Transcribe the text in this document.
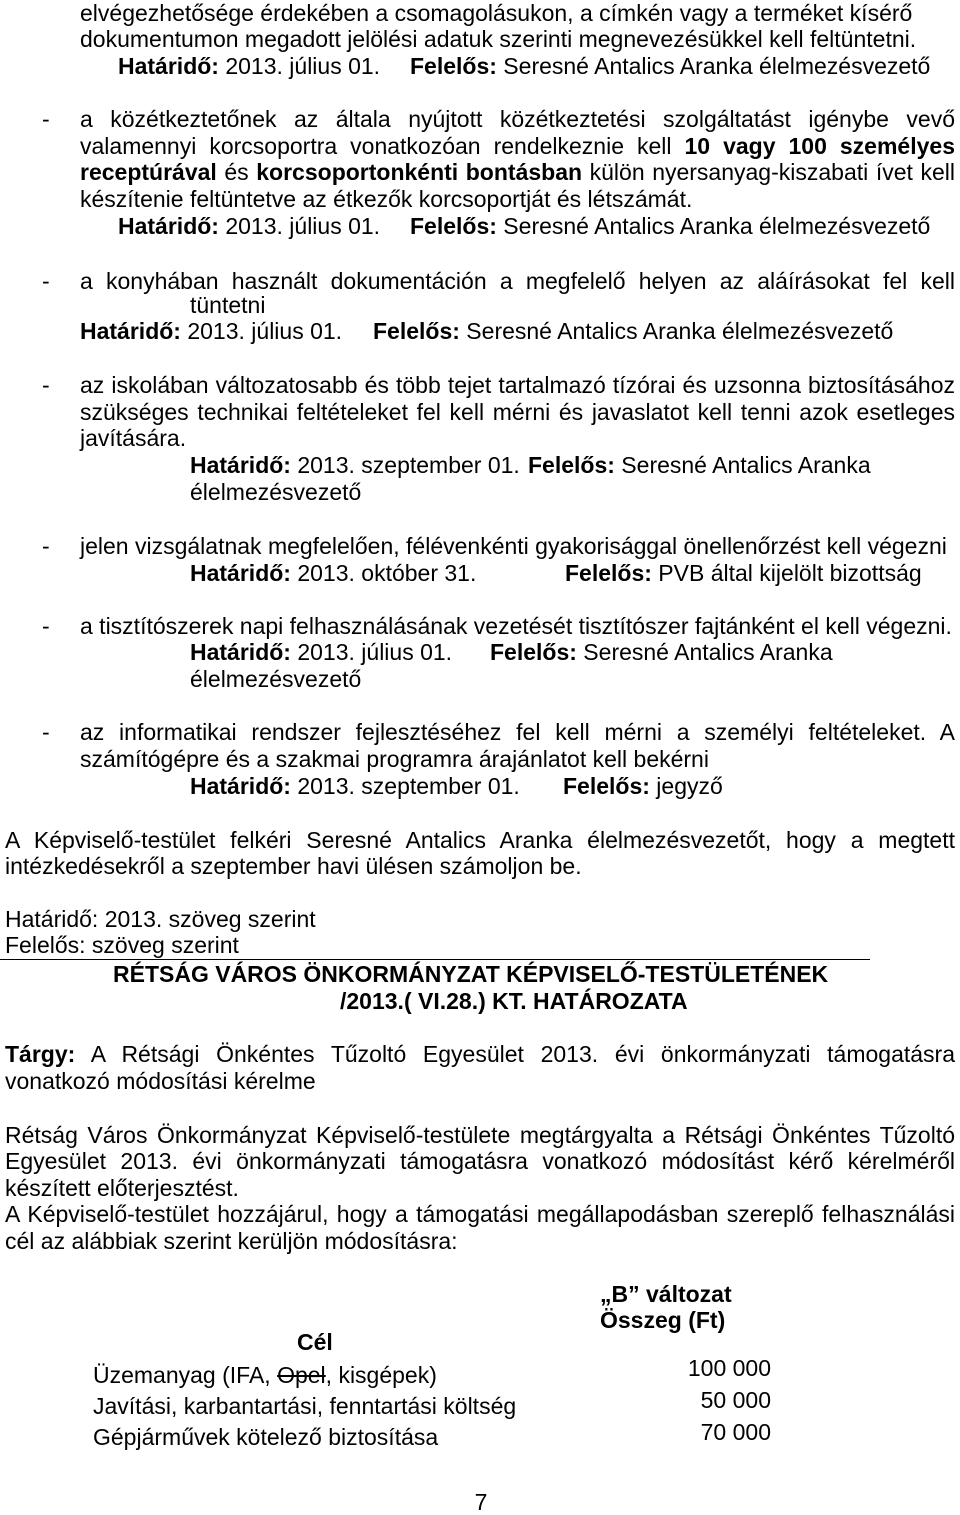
elvégezhetősége érdekében a csomagolásukon, a címkén vagy a terméket kísérő
dokumentumon megadott jelölési adatuk szerinti megnevezésükkel kell feltüntetni.
Határidő: 2013. július 01. Felelős: Seresné Antalics Aranka élelmezésvezető
- a közétkeztetőnek az általa nyújtott közétkeztetési szolgáltatást igénybe vevő
valamennyi korcsoportra vonatkozóan rendelkeznie kell 10 vagy 100 személyes
receptúrával és korcsoportonkénti bontásban külön nyersanyag-kiszabati ívet kell
készítenie feltüntetve az étkezők korcsoportját és létszámát.
Határidő: 2013. július 01. Felelős: Seresné Antalics Aranka élelmezésvezető
- a konyhában használt dokumentáción a megfelelő helyen az aláírásokat fel kell
tüntetni
Határidő: 2013. július 01. Felelős: Seresné Antalics Aranka élelmezésvezető
- az iskolában változatosabb és több tejet tartalmazó tízórai és uzsonna biztosításához
szükséges technikai feltételeket fel kell mérni és javaslatot kell tenni azok esetleges
javítására.
Határidő: 2013. szeptember 01. Felelős: Seresné Antalics Aranka
élelmezésvezető
- jelen vizsgálatnak megfelelően, félévenkénti gyakorisággal önellenőrzést kell végezni
Határidő: 2013. október 31.	Felelős: PVB által kijelölt bizottság
- a tisztítószerek napi felhasználásának vezetését tisztítószer fajtánként el kell végezni.
Határidő: 2013. július 01. Felelős: Seresné Antalics Aranka
élelmezésvezető
- az informatikai rendszer fejlesztéséhez fel kell mérni a személyi feltételeket. A
számítógépre és a szakmai programra árajánlatot kell bekérni
Határidő: 2013. szeptember 01. Felelős: jegyző
A Képviselő-testület felkéri Seresné Antalics Aranka élelmezésvezetőt, hogy a megtett
intézkedésekről a szeptember havi ülésen számoljon be.
Határidő: 2013. szöveg szerint
Felelős: szöveg szerint
RÉTSÁG VÁROS ÖNKORMÁNYZAT KÉPVISELŐ-TESTÜLETÉNEK
/2013.( VI.28.) KT. HATÁROZATA
Tárgy: A Rétsági Önkéntes Tűzoltó Egyesület 2013. évi önkormányzati támogatásra
vonatkozó módosítási kérelme
Rétság Város Önkormányzat Képviselő-testülete megtárgyalta a Rétsági Önkéntes Tűzoltó
Egyesület 2013. évi önkormányzati támogatásra vonatkozó módosítást kérő kérelméről
készített előterjesztést.
A Képviselő-testület hozzájárul, hogy a támogatási megállapodásban szereplő felhasználási
cél az alábbiak szerint kerüljön módosításra:
„B” változat
Összeg (Ft)
Cél
Üzemanyag (IFA, Opel, kisgépek)	100 000
Javítási, karbantartási, fenntartási költség	50 000
Gépjárművek kötelező biztosítása	70 000
7
